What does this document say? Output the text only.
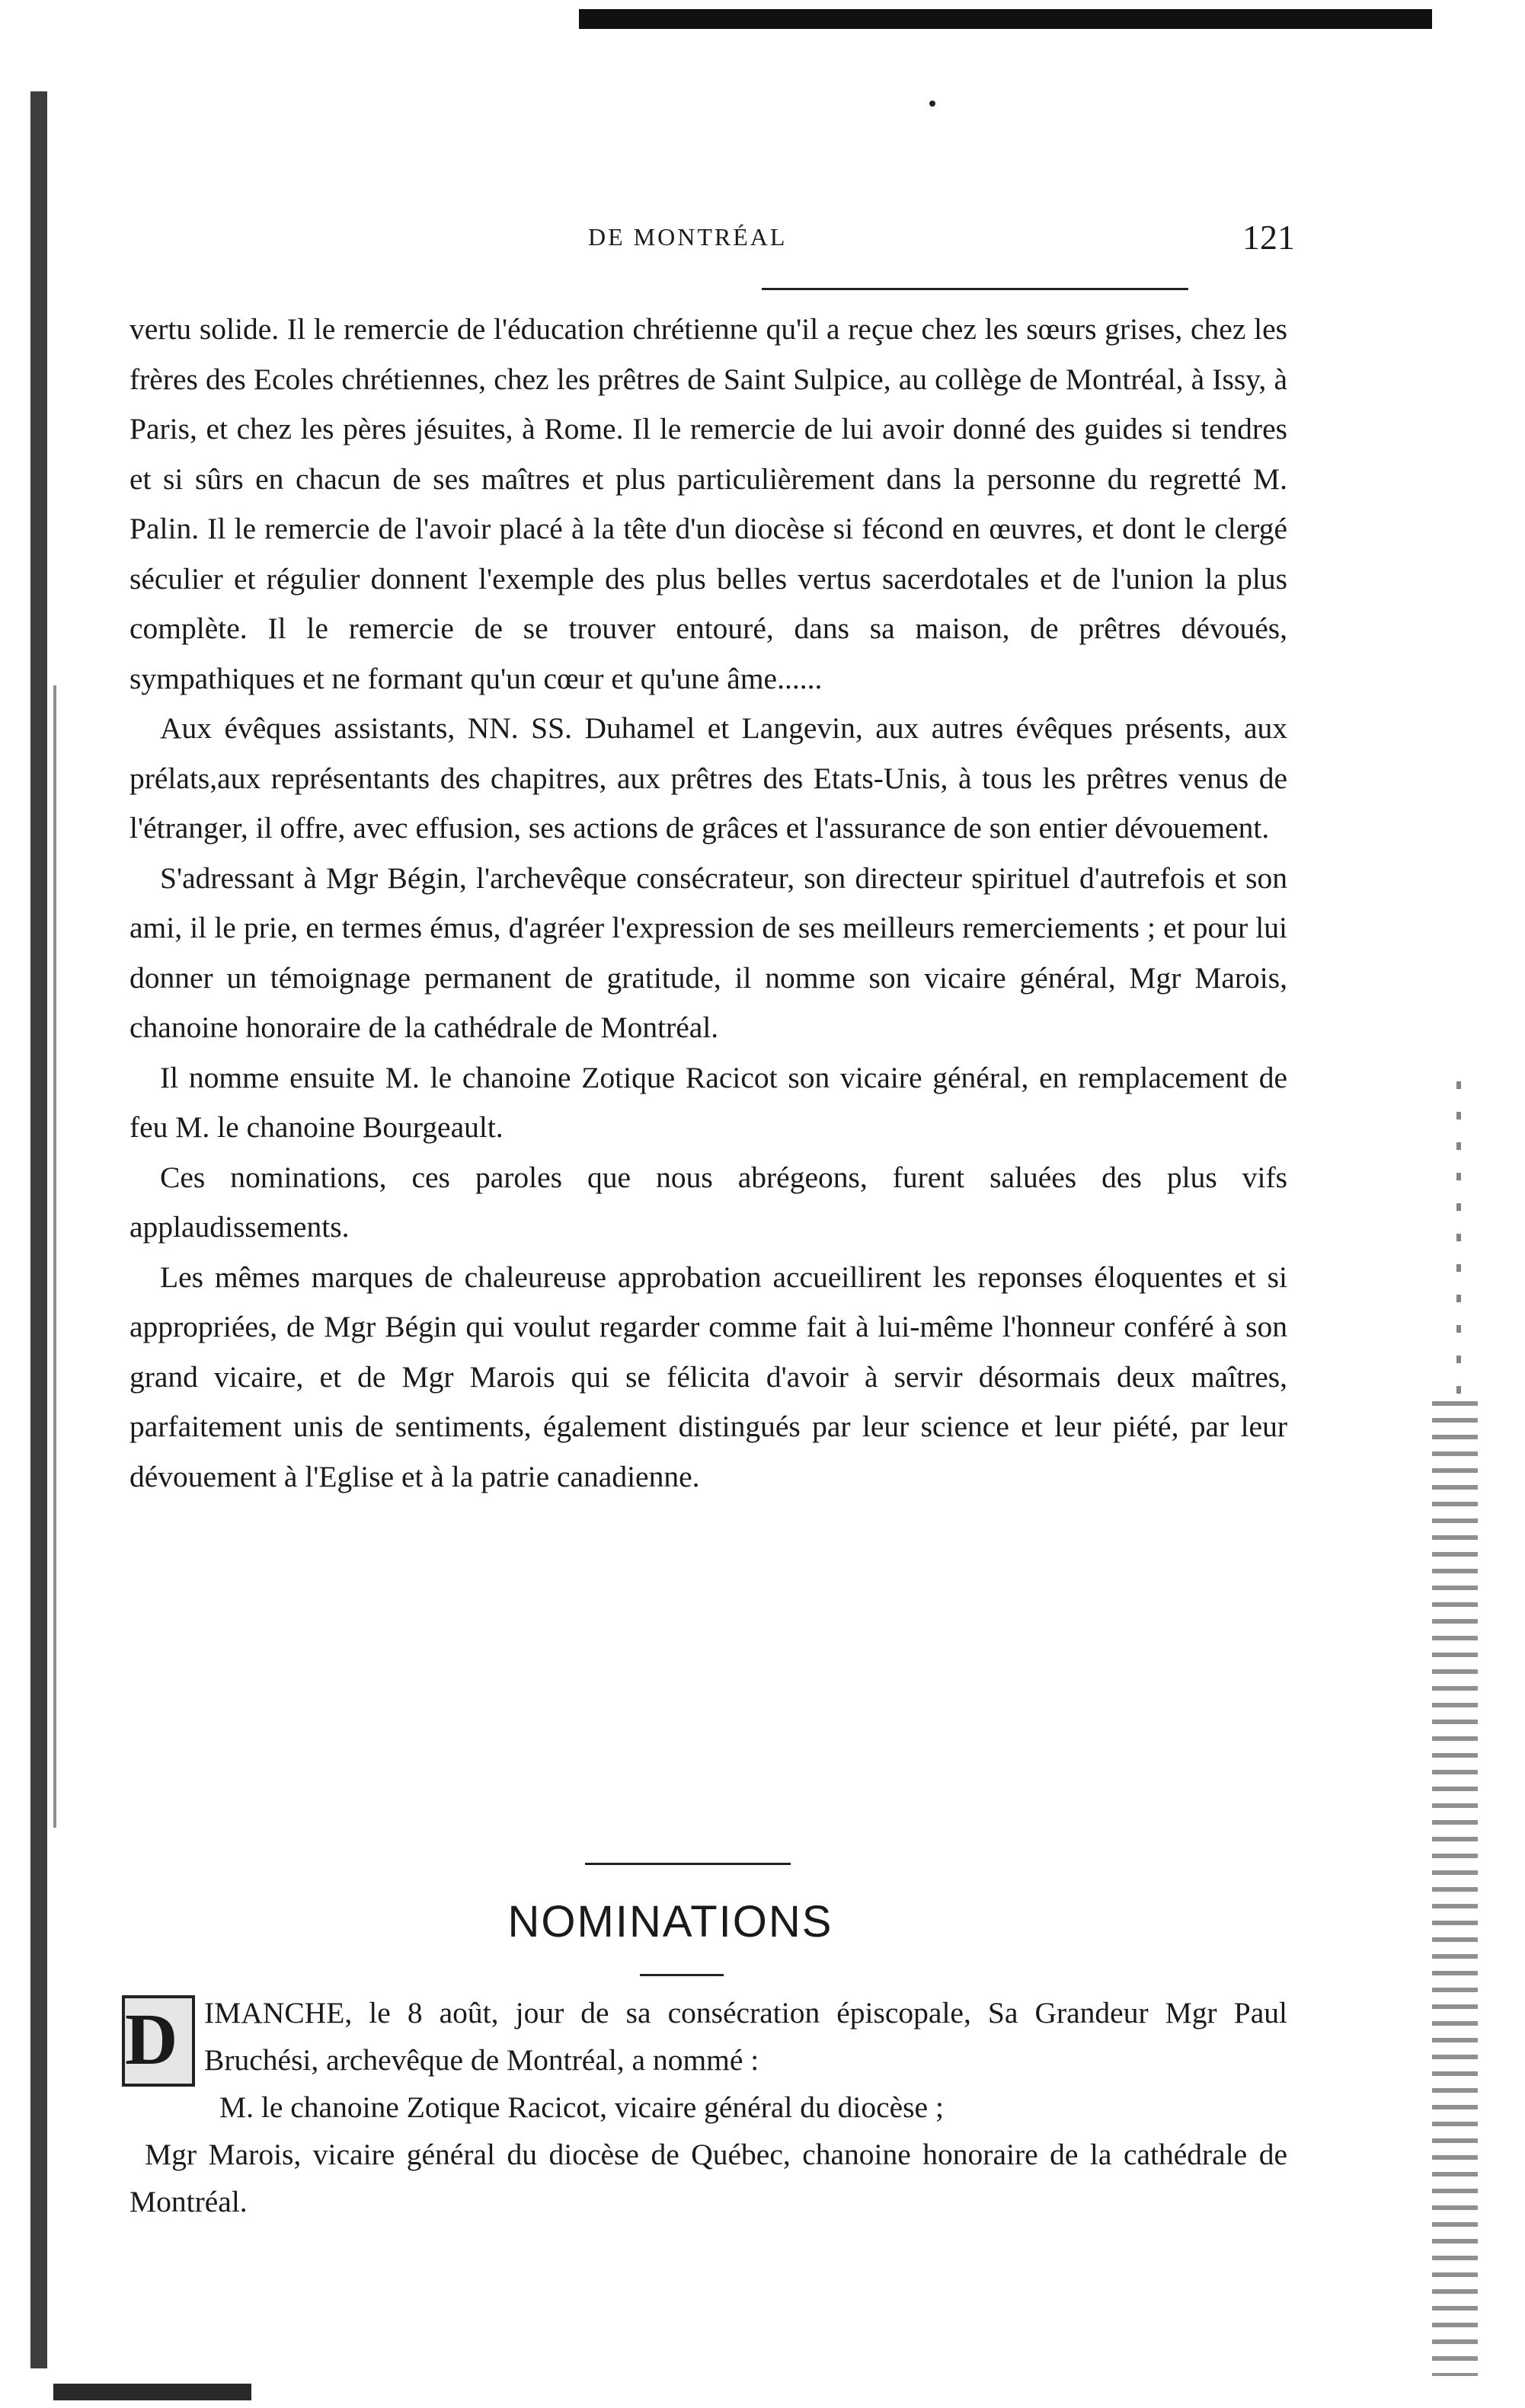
DE MONTRÉAL	121

vertu solide. Il le remercie de l'éducation chrétienne qu'il a reçue chez les sœurs grises, chez les frères des Ecoles chrétiennes, chez les prêtres de Saint Sulpice, au collège de Montréal, à Issy, à Paris, et chez les pères jésuites, à Rome. Il le remercie de lui avoir donné des guides si tendres et si sûrs en chacun de ses maîtres et plus particulièrement dans la personne du regretté M. Palin. Il le remercie de l'avoir placé à la tête d'un diocèse si fécond en œuvres, et dont le clergé séculier et régulier donnent l'exemple des plus belles vertus sacerdotales et de l'union la plus complète. Il le remercie de se trouver entouré, dans sa maison, de prêtres dévoués, sympathiques et ne formant qu'un cœur et qu'une âme......

Aux évêques assistants, NN. SS. Duhamel et Langevin, aux autres évêques présents, aux prélats,aux représentants des chapitres, aux prêtres des Etats-Unis, à tous les prêtres venus de l'étranger, il offre, avec effusion, ses actions de grâces et l'assurance de son entier dévouement.

S'adressant à Mgr Bégin, l'archevêque consécrateur, son directeur spirituel d'autrefois et son ami, il le prie, en termes émus, d'agréer l'expression de ses meilleurs remerciements ; et pour lui donner un témoignage permanent de gratitude, il nomme son vicaire général, Mgr Marois, chanoine honoraire de la cathédrale de Montréal.

Il nomme ensuite M. le chanoine Zotique Racicot son vicaire général, en remplacement de feu M. le chanoine Bourgeault.

Ces nominations, ces paroles que nous abrégeons, furent saluées des plus vifs applaudissements.

Les mêmes marques de chaleureuse approbation accueillirent les reponses éloquentes et si appropriées, de Mgr Bégin qui voulut regarder comme fait à lui-même l'honneur conféré à son grand vicaire, et de Mgr Marois qui se félicita d'avoir à servir désormais deux maîtres, parfaitement unis de sentiments, également distingués par leur science et leur piété, par leur dévouement à l'Eglise et à la patrie canadienne.

NOMINATIONS

D IMANCHE, le 8 août, jour de sa consécration épiscopale, Sa Grandeur Mgr Paul Bruchési, archevêque de Montréal, a nommé :

M. le chanoine Zotique Racicot, vicaire général du diocèse ;

Mgr Marois, vicaire général du diocèse de Québec, chanoine honoraire de la cathédrale de Montréal.
